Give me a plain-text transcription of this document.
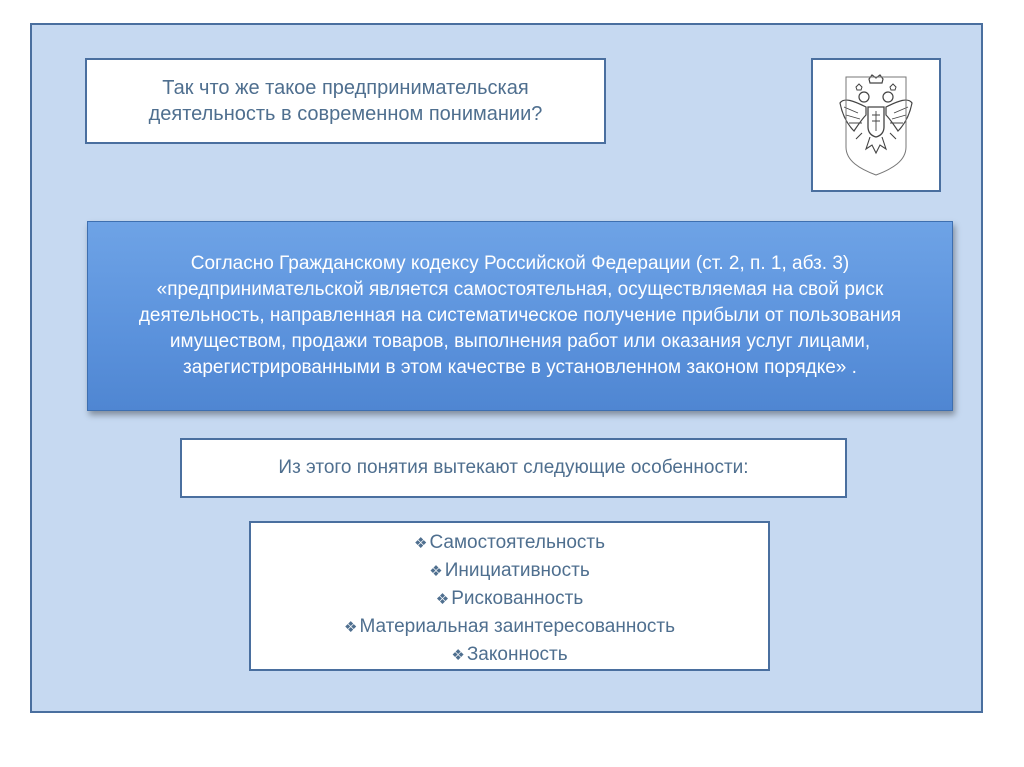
Так что же такое предпринимательская деятельность в современном понимании?
Согласно Гражданскому кодексу Российской Федерации (ст. 2, п. 1, абз. 3) «предпринимательской является самостоятельная, осуществляемая на свой риск деятельность, направленная на систематическое получение прибыли от пользования имуществом, продажи товаров, выполнения работ или оказания услуг лицами, зарегистрированными в этом качестве в установленном законом порядке» .
Из этого понятия вытекают следующие особенности:
❖ Самостоятельность
❖ Инициативность
❖ Рискованность
❖ Материальная заинтересованность
❖ Законность
